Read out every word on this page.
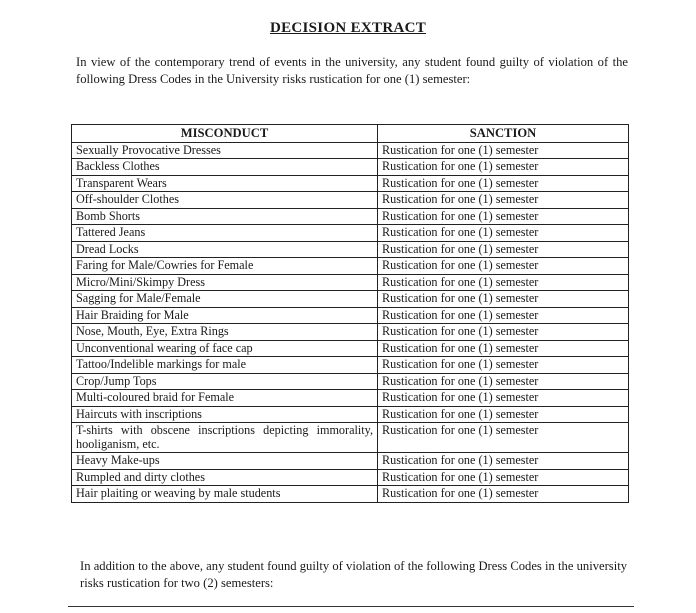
DECISION EXTRACT
In view of the contemporary trend of events in the university, any student found guilty of violation of the following Dress Codes in the University risks rustication for one (1) semester:
MISCONDUCT	SANCTION
Sexually Provocative Dresses	Rustication for one (1) semester
Backless Clothes	Rustication for one (1) semester
Transparent Wears	Rustication for one (1) semester
Off-shoulder Clothes	Rustication for one (1) semester
Bomb Shorts	Rustication for one (1) semester
Tattered Jeans	Rustication for one (1) semester
Dread Locks	Rustication for one (1) semester
Faring for Male/Cowries for Female	Rustication for one (1) semester
Micro/Mini/Skimpy Dress	Rustication for one (1) semester
Sagging for Male/Female	Rustication for one (1) semester
Hair Braiding for Male	Rustication for one (1) semester
Nose, Mouth, Eye, Extra Rings	Rustication for one (1) semester
Unconventional wearing of face cap	Rustication for one (1) semester
Tattoo/Indelible markings for male	Rustication for one (1) semester
Crop/Jump Tops	Rustication for one (1) semester
Multi-coloured braid for Female	Rustication for one (1) semester
Haircuts with inscriptions	Rustication for one (1) semester
T-shirts with obscene inscriptions depicting immorality, hooliganism, etc.	Rustication for one (1) semester
Heavy Make-ups	Rustication for one (1) semester
Rumpled and dirty clothes	Rustication for one (1) semester
Hair plaiting or weaving by male students	Rustication for one (1) semester
In addition to the above, any student found guilty of violation of the following Dress Codes in the university risks rustication for two (2) semesters:
